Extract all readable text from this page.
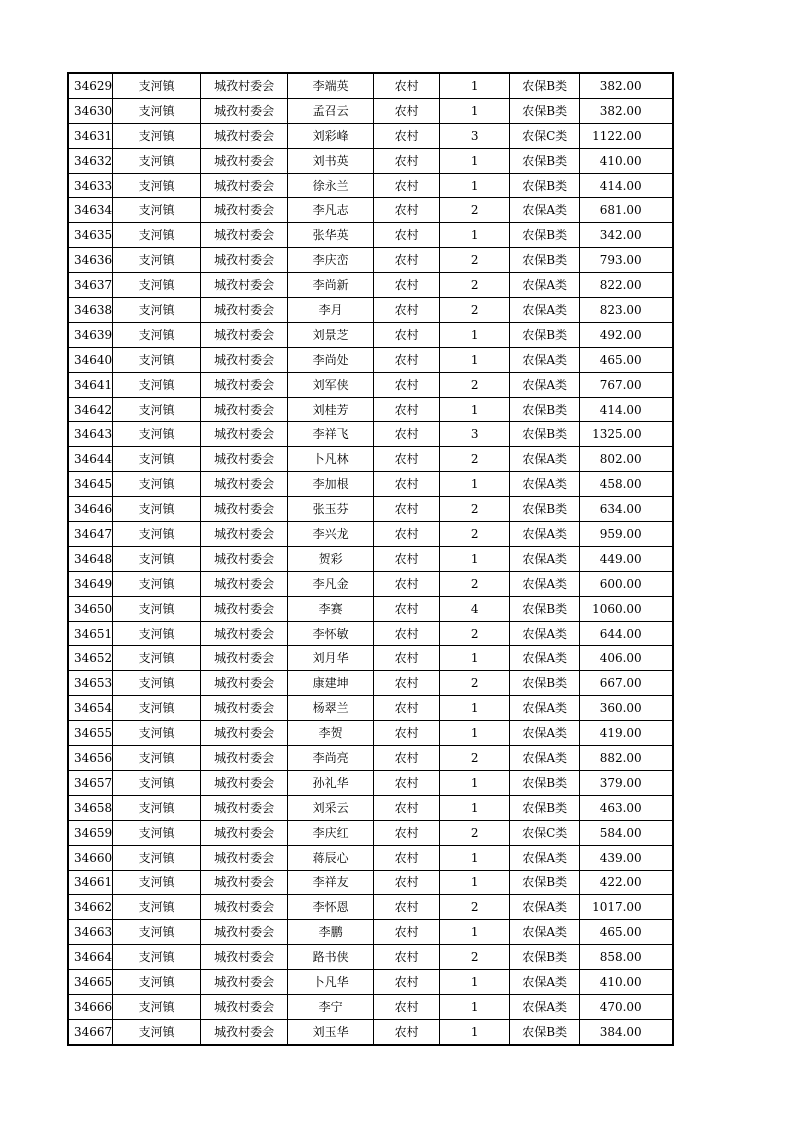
34629	支河镇	城孜村委会	李端英	农村	1	农保B类	382.00
34630	支河镇	城孜村委会	孟召云	农村	1	农保B类	382.00
34631	支河镇	城孜村委会	刘彩峰	农村	3	农保C类	1122.00
34632	支河镇	城孜村委会	刘书英	农村	1	农保B类	410.00
34633	支河镇	城孜村委会	徐永兰	农村	1	农保B类	414.00
34634	支河镇	城孜村委会	李凡志	农村	2	农保A类	681.00
34635	支河镇	城孜村委会	张华英	农村	1	农保B类	342.00
34636	支河镇	城孜村委会	李庆峦	农村	2	农保B类	793.00
34637	支河镇	城孜村委会	李尚新	农村	2	农保A类	822.00
34638	支河镇	城孜村委会	李月	农村	2	农保A类	823.00
34639	支河镇	城孜村委会	刘景芝	农村	1	农保B类	492.00
34640	支河镇	城孜村委会	李尚处	农村	1	农保A类	465.00
34641	支河镇	城孜村委会	刘军侠	农村	2	农保A类	767.00
34642	支河镇	城孜村委会	刘桂芳	农村	1	农保B类	414.00
34643	支河镇	城孜村委会	李祥飞	农村	3	农保B类	1325.00
34644	支河镇	城孜村委会	卜凡林	农村	2	农保A类	802.00
34645	支河镇	城孜村委会	李加根	农村	1	农保A类	458.00
34646	支河镇	城孜村委会	张玉芬	农村	2	农保B类	634.00
34647	支河镇	城孜村委会	李兴龙	农村	2	农保A类	959.00
34648	支河镇	城孜村委会	贺彩	农村	1	农保A类	449.00
34649	支河镇	城孜村委会	李凡金	农村	2	农保A类	600.00
34650	支河镇	城孜村委会	李赛	农村	4	农保B类	1060.00
34651	支河镇	城孜村委会	李怀敏	农村	2	农保A类	644.00
34652	支河镇	城孜村委会	刘月华	农村	1	农保A类	406.00
34653	支河镇	城孜村委会	康建坤	农村	2	农保B类	667.00
34654	支河镇	城孜村委会	杨翠兰	农村	1	农保A类	360.00
34655	支河镇	城孜村委会	李贺	农村	1	农保A类	419.00
34656	支河镇	城孜村委会	李尚亮	农村	2	农保A类	882.00
34657	支河镇	城孜村委会	孙礼华	农村	1	农保B类	379.00
34658	支河镇	城孜村委会	刘采云	农村	1	农保B类	463.00
34659	支河镇	城孜村委会	李庆红	农村	2	农保C类	584.00
34660	支河镇	城孜村委会	蒋辰心	农村	1	农保A类	439.00
34661	支河镇	城孜村委会	李祥友	农村	1	农保B类	422.00
34662	支河镇	城孜村委会	李怀恩	农村	2	农保A类	1017.00
34663	支河镇	城孜村委会	李鹏	农村	1	农保A类	465.00
34664	支河镇	城孜村委会	路书侠	农村	2	农保B类	858.00
34665	支河镇	城孜村委会	卜凡华	农村	1	农保A类	410.00
34666	支河镇	城孜村委会	李宁	农村	1	农保A类	470.00
34667	支河镇	城孜村委会	刘玉华	农村	1	农保B类	384.00
